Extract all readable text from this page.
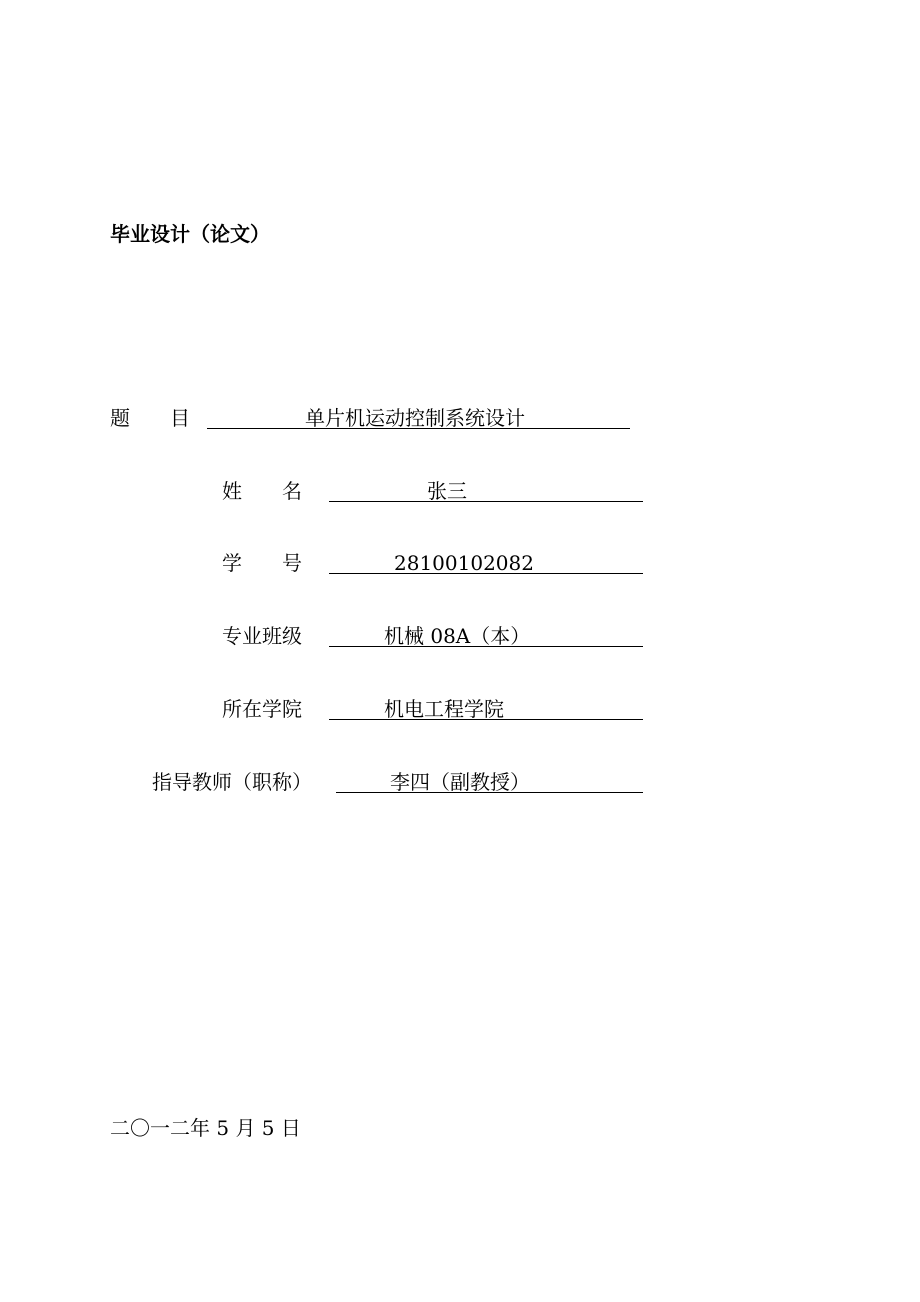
毕业设计（论文）
题　　目	单片机运动控制系统设计
姓　　名	张三
学　　号	28100102082
专业班级	机械 08A（本）
所在学院	机电工程学院
指导教师（职称）	李四（副教授）
二〇一二年 5 月 5 日
